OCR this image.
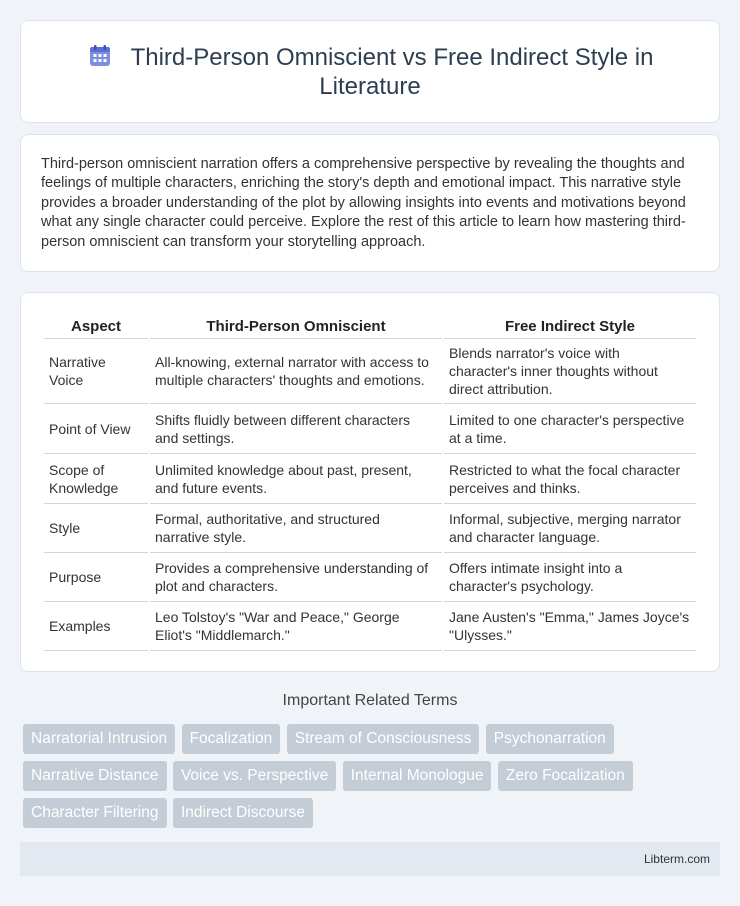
Third-Person Omniscient vs Free Indirect Style in Literature

Third-person omniscient narration offers a comprehensive perspective by revealing the thoughts and feelings of multiple characters, enriching the story's depth and emotional impact. This narrative style provides a broader understanding of the plot by allowing insights into events and motivations beyond what any single character could perceive. Explore the rest of this article to learn how mastering third-person omniscient can transform your storytelling approach.

Aspect	Third-Person Omniscient	Free Indirect Style
Narrative Voice	All-knowing, external narrator with access to multiple characters' thoughts and emotions.	Blends narrator's voice with character's inner thoughts without direct attribution.
Point of View	Shifts fluidly between different characters and settings.	Limited to one character's perspective at a time.
Scope of Knowledge	Unlimited knowledge about past, present, and future events.	Restricted to what the focal character perceives and thinks.
Style	Formal, authoritative, and structured narrative style.	Informal, subjective, merging narrator and character language.
Purpose	Provides a comprehensive understanding of plot and characters.	Offers intimate insight into a character's psychology.
Examples	Leo Tolstoy's "War and Peace," George Eliot's "Middlemarch."	Jane Austen's "Emma," James Joyce's "Ulysses."
Important Related Terms
Narratorial Intrusion Focalization Stream of Consciousness Psychonarration
Narrative Distance Voice vs. Perspective Internal Monologue Zero Focalization
Character Filtering Indirect Discourse
Libterm.com
